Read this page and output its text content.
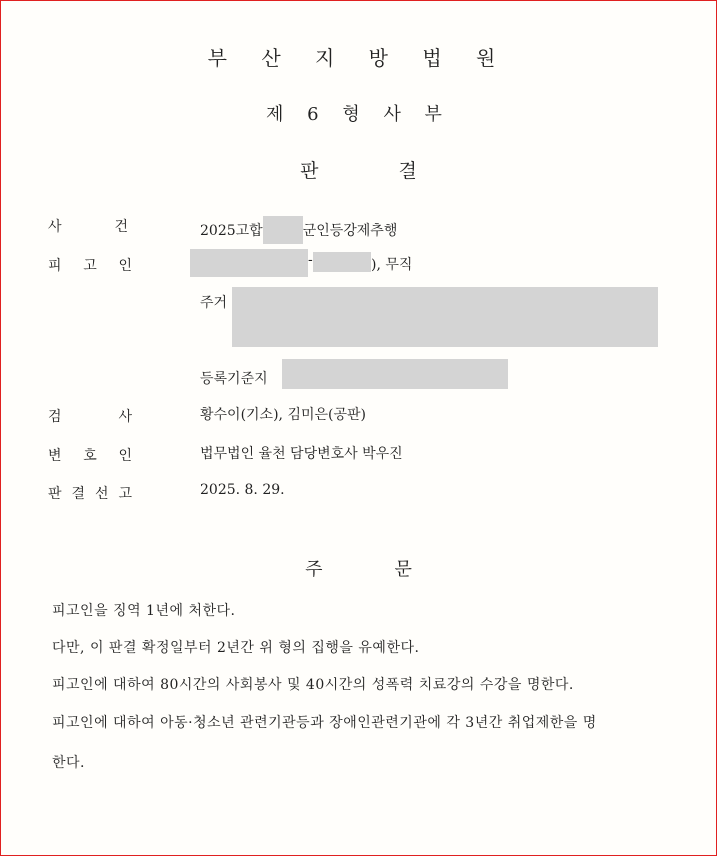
부 산 지 방 법 원
제 6 형 사 부
판	결
사	건	2025고합	군인등강제추행
피 고 인	-	), 무직
주거
등록기준지
검	사	황수이(기소), 김미은(공판)
변 호 인	법무법인 율천 담당변호사 박우진
판 결 선 고	2025. 8. 29.
주	문
피고인을 징역 1년에 처한다.
다만, 이 판결 확정일부터 2년간 위 형의 집행을 유예한다.
피고인에 대하여 80시간의 사회봉사 및 40시간의 성폭력 치료강의 수강을 명한다.
피고인에 대하여 아동·청소년 관련기관등과 장애인관련기관에 각 3년간 취업제한을 명
한다.
